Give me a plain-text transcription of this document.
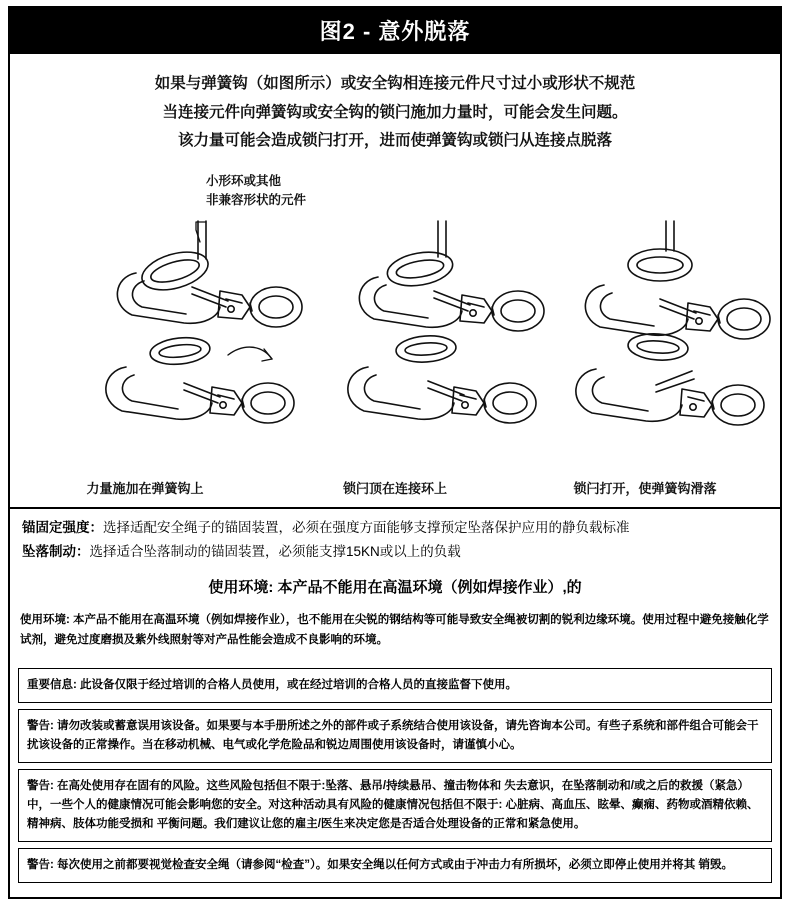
图2 - 意外脱落
如果与弹簧钩（如图所示）或安全钩相连接元件尺寸过小或形状不规范
当连接元件向弹簧钩或安全钩的锁闩施加力量时，可能会发生问题。
该力量可能会造成锁闩打开，进而使弹簧钩或锁闩从连接点脱落
小形环或其他
非兼容形状的元件
力量施加在弹簧钩上	锁闩顶在连接环上	锁闩打开，使弹簧钩滑落
锚固定强度：选择适配安全绳子的锚固装置，必须在强度方面能够支撑预定坠落保护应用的静负载标准
坠落制动：选择适合坠落制动的锚固装置，必须能支撑15KN或以上的负载
使用环境: 本产品不能用在高温环境（例如焊接作业）,的
使用环境: 本产品不能用在高温环境（例如焊接作业），也不能用在尖锐的钢结构等可能导致安全绳被切割的锐利边缘环境。使用过程中避免接触化学试剂，避免过度磨损及紫外线照射等对产品性能会造成不良影响的环境。
重要信息: 此设备仅限于经过培训的合格人员使用，或在经过培训的合格人员的直接监督下使用。
警告: 请勿改装或蓄意误用该设备。如果要与本手册所述之外的部件或子系统结合使用该设备，请先咨询本公司。有些子系统和部件组合可能会干扰该设备的正常操作。当在移动机械、电气或化学危险品和锐边周围使用该设备时，请谨慎小心。
警告: 在高处使用存在固有的风险。这些风险包括但不限于:坠落、悬吊/持续悬吊、撞击物体和 失去意识，在坠落制动和/或之后的救援（紧急）中，一些个人的健康情况可能会影响您的安全。对这种活动具有风险的健康情况包括但不限于: 心脏病、高血压、眩晕、癫痫、药物或酒精依赖、精神病、肢体功能受损和 平衡问题。我们建议让您的雇主/医生来决定您是否适合处理设备的正常和紧急使用。
警告: 每次使用之前都要视觉检查安全绳（请参阅“检查”）。如果安全绳以任何方式或由于冲击力有所损坏，必须立即停止使用并将其 销毁。
